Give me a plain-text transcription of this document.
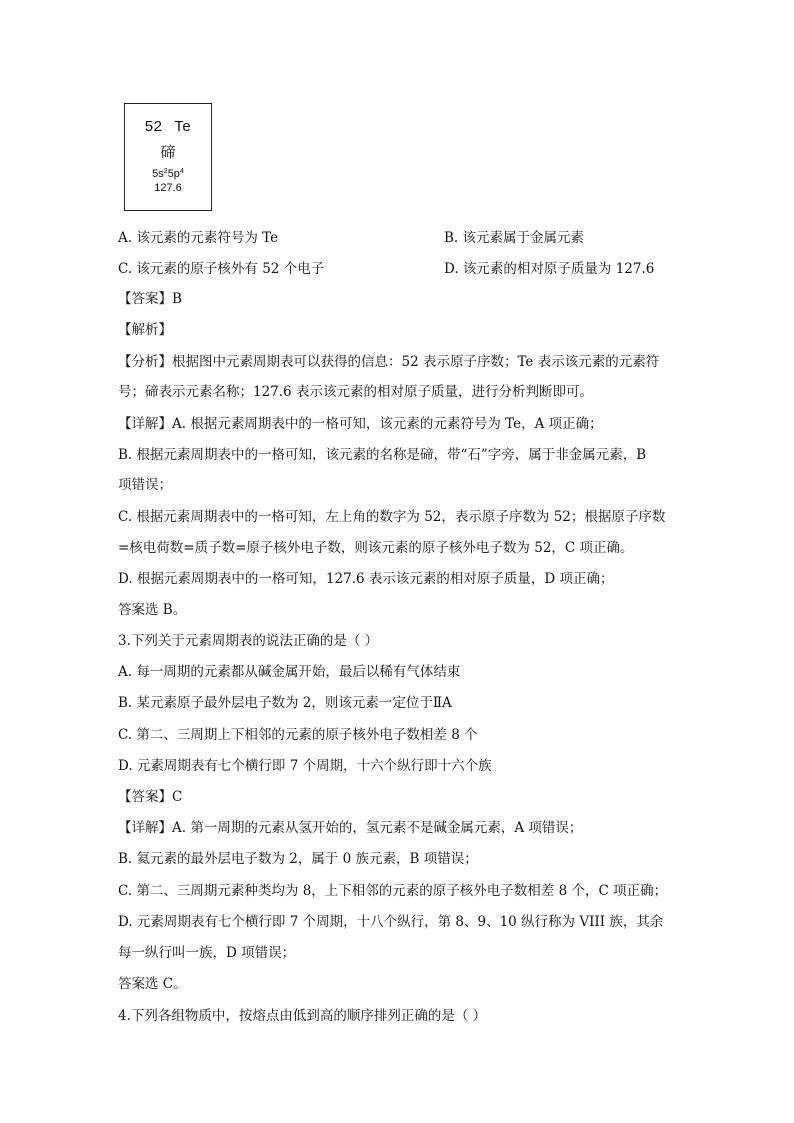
52 Te
碲
$5s^25p^4$
127.6
A. 该元素的元素符号为 Te	B. 该元素属于金属元素
C. 该元素的原子核外有 52 个电子	D. 该元素的相对原子质量为 127.6
【答案】B
【解析】
【分析】根据图中元素周期表可以获得的信息：52 表示原子序数；Te 表示该元素的元素符
号；碲表示元素名称；127.6 表示该元素的相对原子质量，进行分析判断即可。
【详解】A. 根据元素周期表中的一格可知，该元素的元素符号为 Te，A 项正确；
B. 根据元素周期表中的一格可知，该元素的名称是碲，带“石”字旁，属于非金属元素，B
项错误；
C. 根据元素周期表中的一格可知，左上角的数字为 52，表示原子序数为 52；根据原子序数
=核电荷数=质子数=原子核外电子数，则该元素的原子核外电子数为 52，C 项正确。
D. 根据元素周期表中的一格可知，127.6 表示该元素的相对原子质量，D 项正确；
答案选 B。
3.下列关于元素周期表的说法正确的是（ ）
A. 每一周期的元素都从碱金属开始，最后以稀有气体结束
B. 某元素原子最外层电子数为 2，则该元素一定位于ⅡA
C. 第二、三周期上下相邻的元素的原子核外电子数相差 8 个
D. 元素周期表有七个横行即 7 个周期，十六个纵行即十六个族
【答案】C
【详解】A. 第一周期的元素从氢开始的，氢元素不是碱金属元素，A 项错误；
B. 氦元素的最外层电子数为 2，属于 0 族元素，B 项错误；
C. 第二、三周期元素种类均为 8，上下相邻的元素的原子核外电子数相差 8 个，C 项正确；
D. 元素周期表有七个横行即 7 个周期，十八个纵行，第 8、9、10 纵行称为 VIII 族，其余
每一纵行叫一族，D 项错误；
答案选 C。
4.下列各组物质中，按熔点由低到高的顺序排列正确的是（ ）
